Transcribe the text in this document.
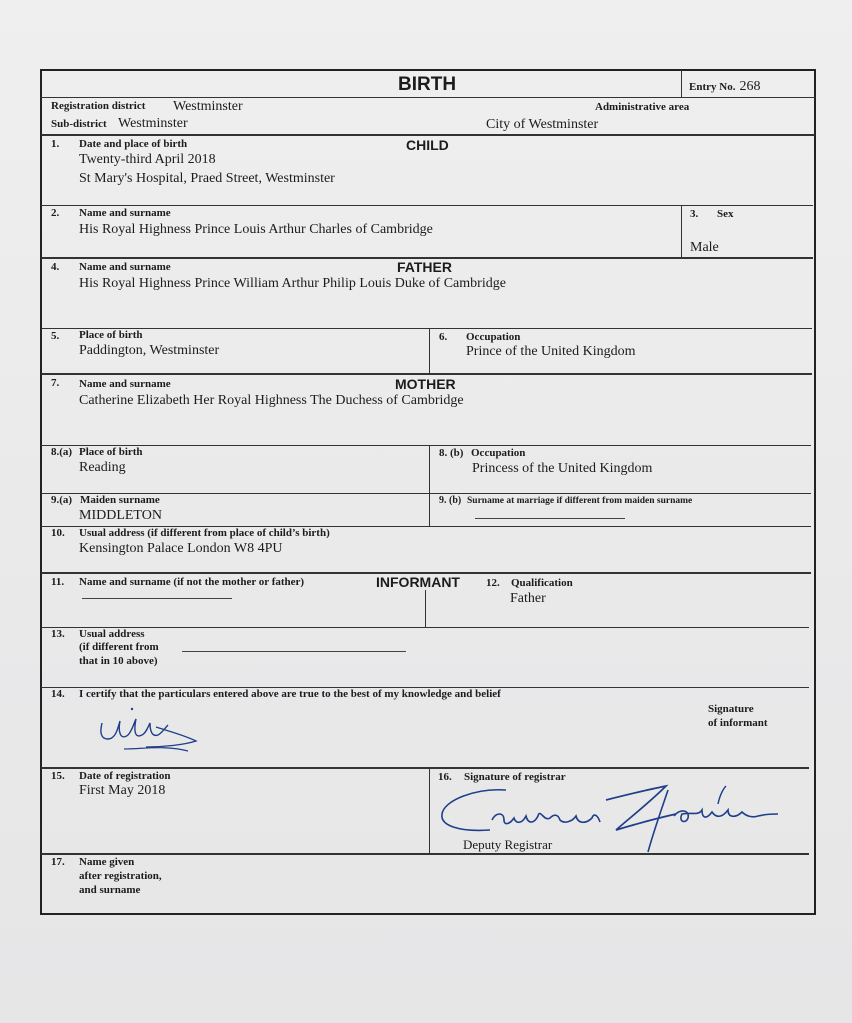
BIRTH	Entry No. 268
Registration district Westminster	Administrative area
Sub-district Westminster	City of Westminster
CHILD
1. Date and place of birth
Twenty-third April 2018
St Mary's Hospital, Praed Street, Westminster
2. Name and surname
His Royal Highness Prince Louis Arthur Charles of Cambridge
3. Sex
Male
FATHER
4. Name and surname
His Royal Highness Prince William Arthur Philip Louis Duke of Cambridge
5. Place of birth
Paddington, Westminster
6. Occupation
Prince of the United Kingdom
MOTHER
7. Name and surname
Catherine Elizabeth Her Royal Highness The Duchess of Cambridge
8.(a) Place of birth
Reading
8. (b) Occupation
Princess of the United Kingdom
9.(a) Maiden surname
MIDDLETON
9. (b) Surname at marriage if different from maiden surname
10. Usual address (if different from place of child’s birth)
Kensington Palace London W8 4PU
11. Name and surname (if not the mother or father)	INFORMANT 12. Qualification
Father
13. Usual address
(if different from
that in 10 above)
14. I certify that the particulars entered above are true to the best of my knowledge and belief
Signature
of informant
15. Date of registration
First May 2018
16. Signature of registrar
Deputy Registrar
17. Name given
after registration,
and surname
